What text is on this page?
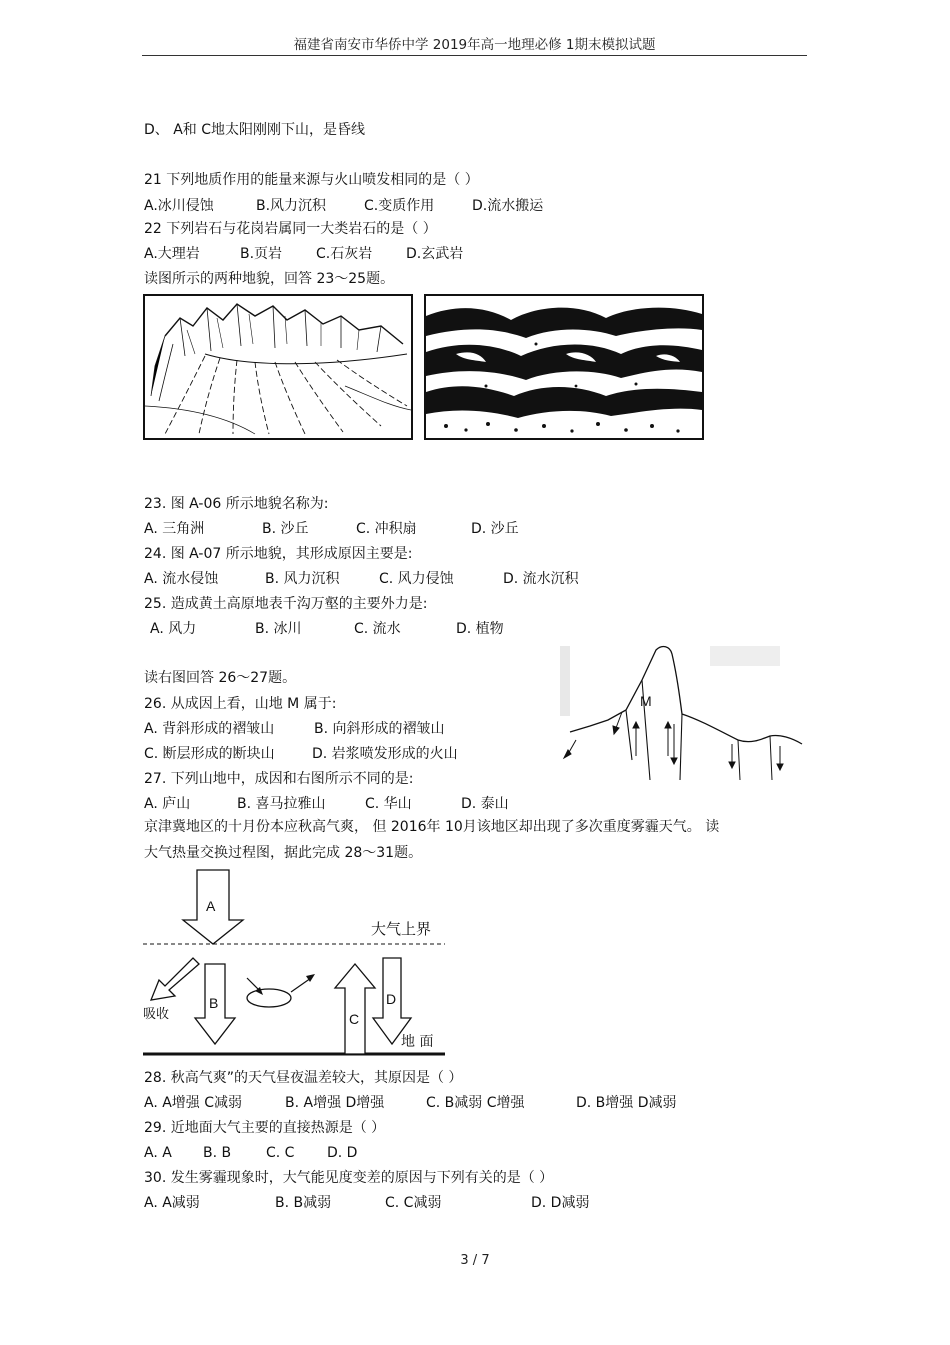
福建省南安市华侨中学 2019年高一地理必修 1期末模拟试题
D、 A和 C地太阳刚刚下山，是昏线
21 下列地质作用的能量来源与火山喷发相同的是（ ）
A.冰川侵蚀	B.风力沉积	C.变质作用	D.流水搬运
22 下列岩石与花岗岩属同一大类岩石的是（ ）
A.大理岩	B.页岩 C.石灰岩 D.玄武岩
读图所示的两种地貌，回答 23～25题。
23. 图 A-06 所示地貌名称为:
A. 三角洲	B. 沙丘	C. 冲积扇	D. 沙丘
24. 图 A-07 所示地貌，其形成原因主要是:
A. 流水侵蚀	B. 风力沉积	C. 风力侵蚀	D. 流水沉积
25. 造成黄土高原地表千沟万壑的主要外力是:
A. 风力	B. 冰川	C. 流水	D. 植物
读右图回答 26～27题。
26. 从成因上看，山地 M 属于:
A. 背斜形成的褶皱山	B. 向斜形成的褶皱山
C. 断层形成的断块山	D. 岩浆喷发形成的火山
27. 下列山地中，成因和右图所示不同的是:
A. 庐山	B. 喜马拉雅山	C. 华山	D. 泰山
M
京津冀地区的十月份本应秋高气爽， 但 2016年 10月该地区却出现了多次重度雾霾天气。 读
大气热量交换过程图，据此完成 28～31题。
A
B
C
D
大气上界
吸收
地 面
28. 秋高气爽”的天气昼夜温差较大，其原因是（ ）
A. A增强 C减弱	B. A增强 D增强	C. B减弱 C增强	D. B增强 D减弱
29. 近地面大气主要的直接热源是（ ）
A. A B. B C. C D. D
30. 发生雾霾现象时，大气能见度变差的原因与下列有关的是（ ）
A. A减弱	B. B减弱	C. C减弱	D. D减弱
3 / 7
